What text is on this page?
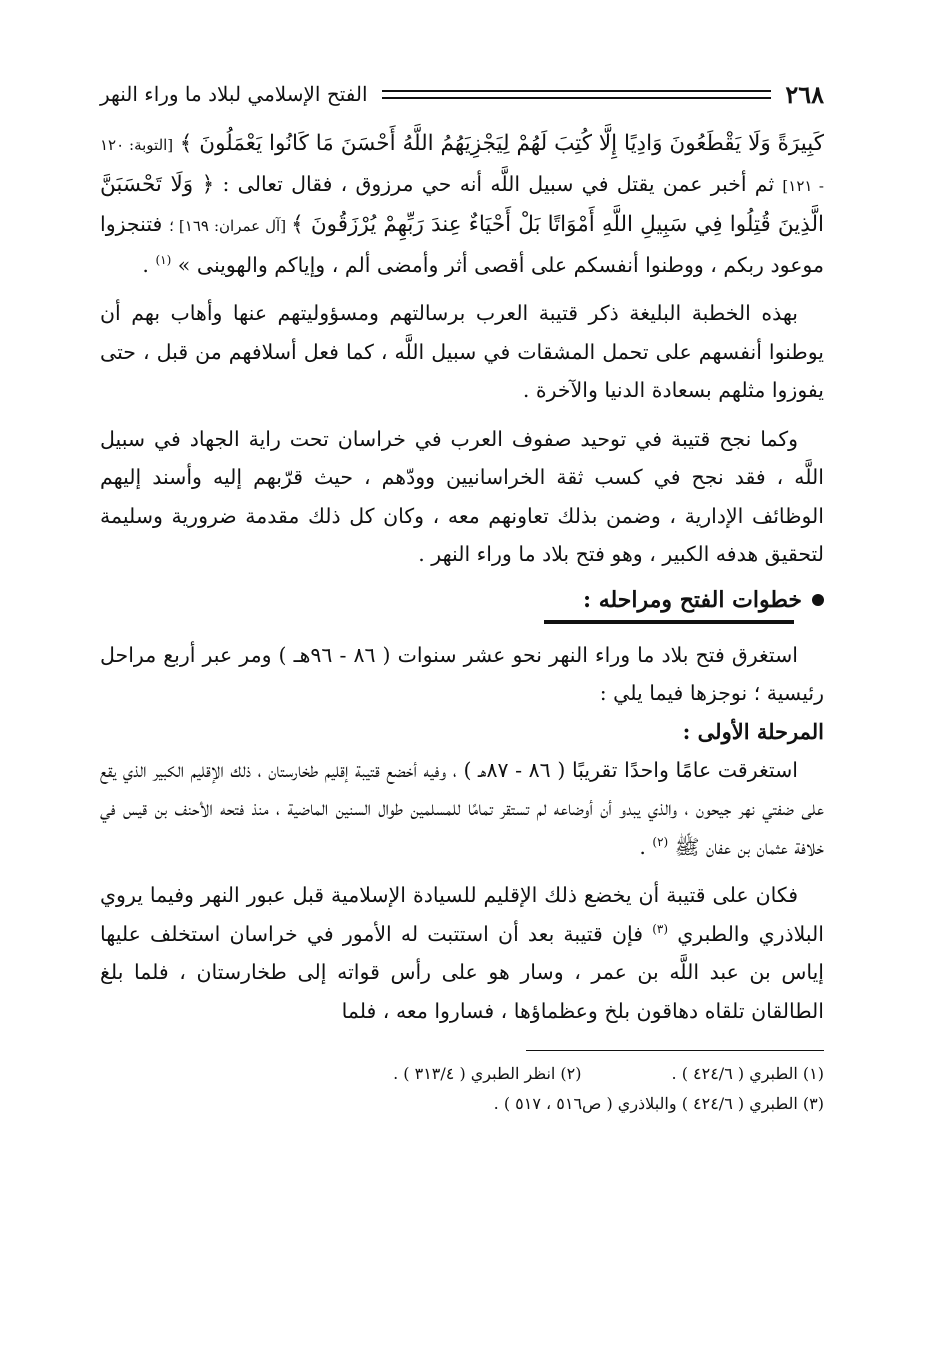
٢٦٨
الفتح الإسلامي لبلاد ما وراء النهر

كَبِيرَةً وَلَا يَقْطَعُونَ وَادِيًا إِلَّا كُتِبَ لَهُمْ لِيَجْزِيَهُمُ اللَّهُ أَحْسَنَ مَا كَانُوا يَعْمَلُونَ ﴾ [التوبة: ١٢٠ - ١٢١] ثم أخبر عمن يقتل في سبيل اللَّه أنه حي مرزوق ، فقال تعالى : ﴿ وَلَا تَحْسَبَنَّ الَّذِينَ قُتِلُوا فِي سَبِيلِ اللَّهِ أَمْوَاتًا بَلْ أَحْيَاءٌ عِندَ رَبِّهِمْ يُرْزَقُونَ ﴾ [آل عمران: ١٦٩] ؛ فتنجزوا موعود ربكم ، ووطنوا أنفسكم على أقصى أثر وأمضى ألم ، وإياكم والهوينى » $^{(١)}$ .

بهذه الخطبة البليغة ذكر قتيبة العرب برسالتهم ومسؤوليتهم عنها وأهاب بهم أن يوطنوا أنفسهم على تحمل المشقات في سبيل اللَّه ، كما فعل أسلافهم من قبل ، حتى يفوزوا مثلهم بسعادة الدنيا والآخرة .

وكما نجح قتيبة في توحيد صفوف العرب في خراسان تحت راية الجهاد في سبيل اللَّه ، فقد نجح في كسب ثقة الخراسانيين وودّهم ، حيث قرّبهم إليه وأسند إليهم الوظائف الإدارية ، وضمن بذلك تعاونهم معه ، وكان كل ذلك مقدمة ضرورية وسليمة لتحقيق هدفه الكبير ، وهو فتح بلاد ما وراء النهر .

خطوات الفتح ومراحله :

استغرق فتح بلاد ما وراء النهر نحو عشر سنوات ( ٨٦ - ٩٦هـ ) ومر عبر أربع مراحل رئيسية ؛ نوجزها فيما يلي :

المرحلة الأولى :

استغرقت عامًا واحدًا تقريبًا ( ٨٦ - ٨٧هـ ) ، وفيه أخضع قتيبة إقليم طخارستان ، ذلك الإقليم الكبير الذي يقع على ضفتي نهر جيحون ، والذي يبدو أن أوضاعه لم تستقر تمامًا للمسلمين طوال السنين الماضية ، منذ فتحه الأحنف بن قيس في خلافة عثمان بن عفان ﷺ $^{(٢)}$ .

فكان على قتيبة أن يخضع ذلك الإقليم للسيادة الإسلامية قبل عبور النهر وفيما يروي البلاذري والطبري $^{(٣)}$ فإن قتيبة بعد أن استتبت له الأمور في خراسان استخلف عليها إياس بن عبد اللَّه بن عمر ، وسار هو على رأس قواته إلى طخارستان ، فلما بلغ الطالقان تلقاه دهاقون بلخ وعظماؤها ، فساروا معه ، فلما

(١) الطبري ( ٤٢٤/٦ ) .
(٢) انظر الطبري ( ٣١٣/٤ ) .
(٣) الطبري ( ٤٢٤/٦ ) والبلاذري ( ص٥١٦ ، ٥١٧ ) .
